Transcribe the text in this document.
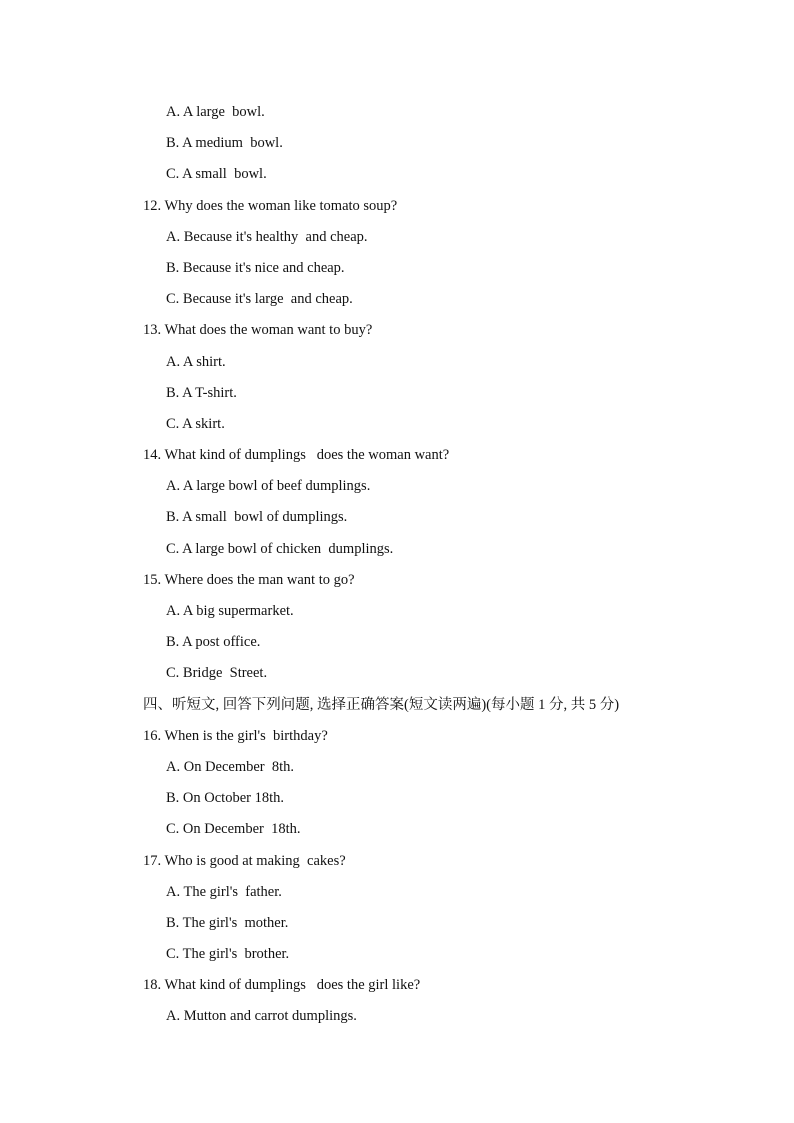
A. A large  bowl.
B. A medium  bowl.
C. A small  bowl.
12. Why does the woman like tomato soup?
A. Because it's healthy  and cheap.
B. Because it's nice and cheap.
C. Because it's large  and cheap.
13. What does the woman want to buy?
A. A shirt.
B. A T-shirt.
C. A skirt.
14. What kind of dumplings   does the woman want?
A. A large bowl of beef dumplings.
B. A small  bowl of dumplings.
C. A large bowl of chicken  dumplings.
15. Where does the man want to go?
A. A big supermarket.
B. A post office.
C. Bridge  Street.
四、听短文, 回答下列问题, 选择正确答案(短文读两遍)(每小题 1 分, 共 5 分)
16. When is the girl's  birthday?
A. On December  8th.
B. On October 18th.
C. On December  18th.
17. Who is good at making  cakes?
A. The girl's  father.
B. The girl's  mother.
C. The girl's  brother.
18. What kind of dumplings   does the girl like?
A. Mutton and carrot dumplings.
